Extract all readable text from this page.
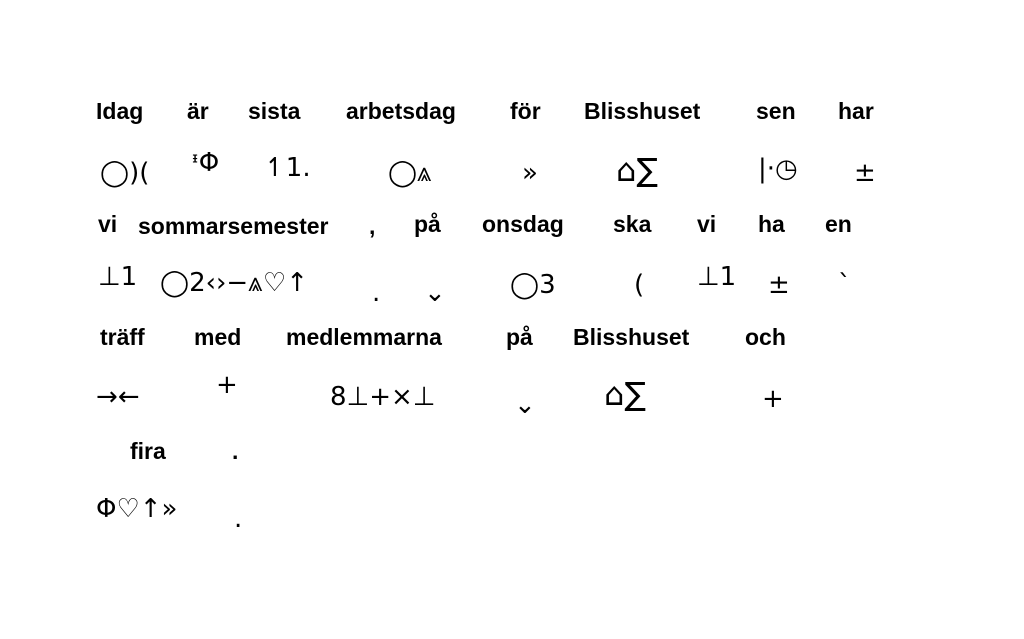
Idag är sista arbetsdag för Blisshuset sen har
◯)( ᶧΦ ↿1.	◯⩓	» ⌂∑	|·◷ ±
vi sommarsemester , på onsdag ska vi ha en
⊥1 ◯2‹›−⩓♡↑ . ⌄ ◯3	( ⊥1 ± `
träff med medlemmarna	på Blisshuset och
→←	+	8⊥+×⊥	⌄ ⌂∑	+
fira	.
Φ♡↑» .
